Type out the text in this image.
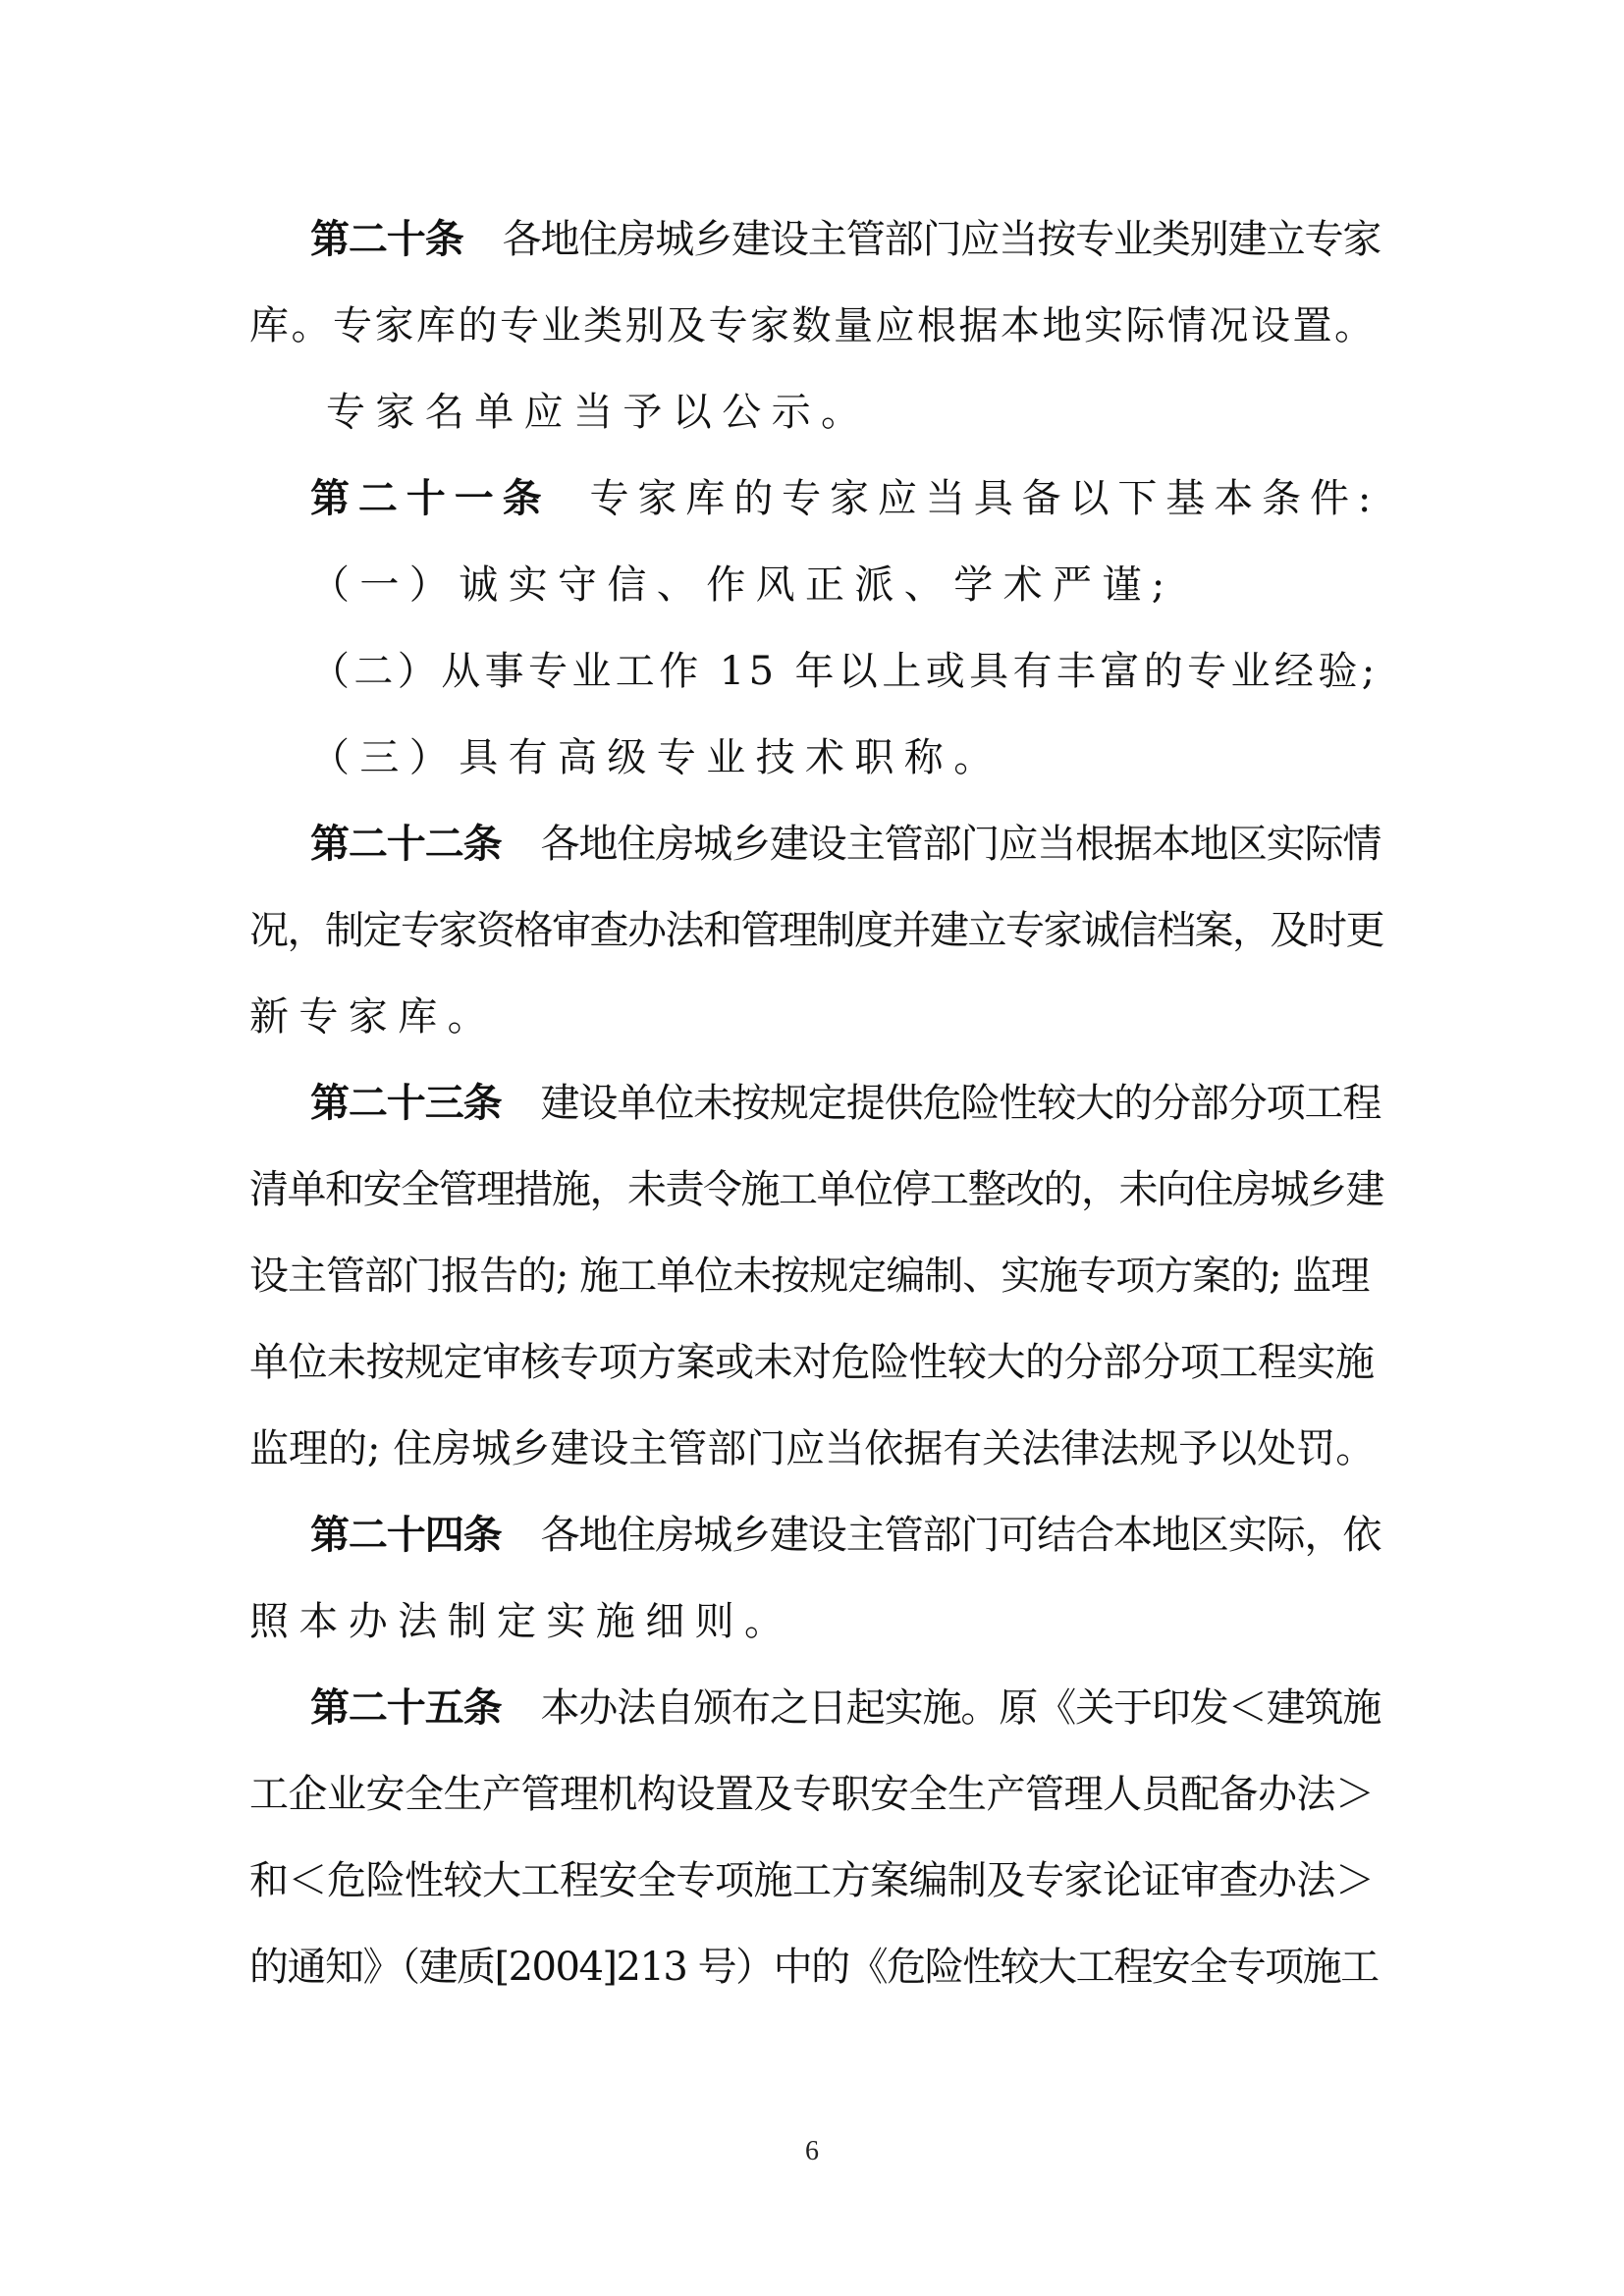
第二十条 各地住房城乡建设主管部门应当按专业类别建立专家
库。专家库的专业类别及专家数量应根据本地实际情况设置。
专家名单应当予以公示。
第二十一条 专家库的专家应当具备以下基本条件:
（一）诚实守信、作风正派、学术严谨;
（二）从事专业工作 15 年以上或具有丰富的专业经验;
（三）具有高级专业技术职称。
第二十二条 各地住房城乡建设主管部门应当根据本地区实际情
况，制定专家资格审查办法和管理制度并建立专家诚信档案，及时更
新专家库。
第二十三条 建设单位未按规定提供危险性较大的分部分项工程
清单和安全管理措施，未责令施工单位停工整改的，未向住房城乡建
设主管部门报告的; 施工单位未按规定编制、实施专项方案的; 监理
单位未按规定审核专项方案或未对危险性较大的分部分项工程实施
监理的; 住房城乡建设主管部门应当依据有关法律法规予以处罚。
第二十四条 各地住房城乡建设主管部门可结合本地区实际，依
照本办法制定实施细则。
第二十五条 本办法自颁布之日起实施。原《关于印发＜建筑施
工企业安全生产管理机构设置及专职安全生产管理人员配备办法＞
和＜危险性较大工程安全专项施工方案编制及专家论证审查办法＞
的通知》（建质[2004]213 号）中的《危险性较大工程安全专项施工
6
